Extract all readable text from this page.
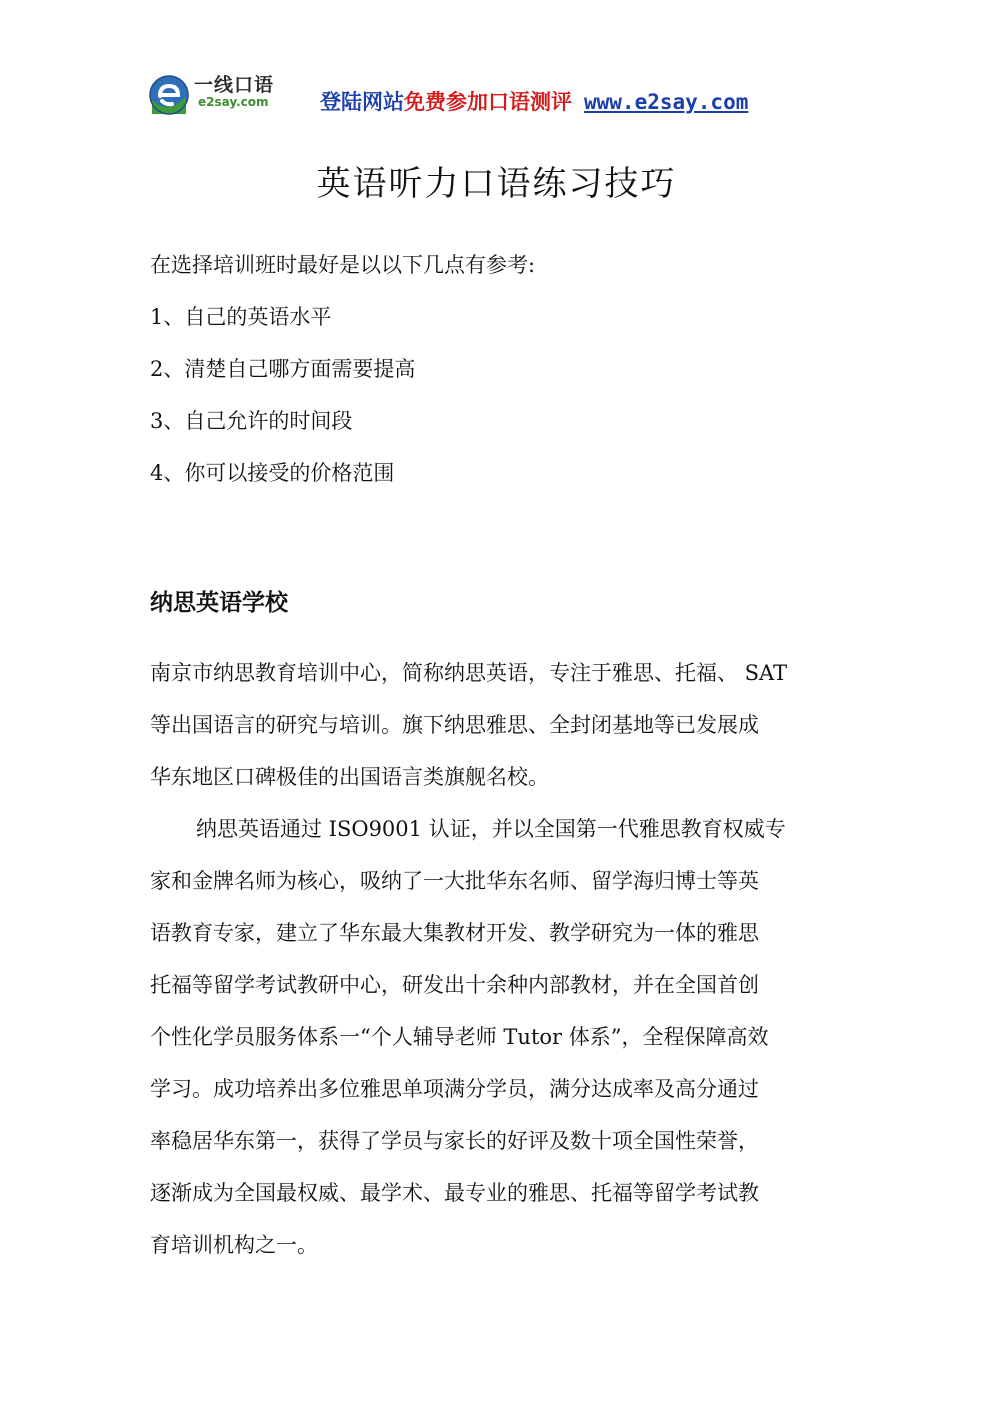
一线口语
e2say.com 登陆网站免费参加口语测评 www.e2say.com
英语听力口语练习技巧
在选择培训班时最好是以以下几点有参考:
1、自己的英语水平
2、清楚自己哪方面需要提高
3、自己允许的时间段
4、你可以接受的价格范围
纳思英语学校
南京市纳思教育培训中心，简称纳思英语，专注于雅思、托福、 SAT
等出国语言的研究与培训。旗下纳思雅思、全封闭基地等已发展成
华东地区口碑极佳的出国语言类旗舰名校。
纳思英语通过 ISO9001 认证，并以全国第一代雅思教育权威专
家和金牌名师为核心，吸纳了一大批华东名师、留学海归博士等英
语教育专家，建立了华东最大集教材开发、教学研究为一体的雅思
托福等留学考试教研中心，研发出十余种内部教材，并在全国首创
个性化学员服务体系一“个人辅导老师 Tutor 体系”，全程保障高效
学习。成功培养出多位雅思单项满分学员，满分达成率及高分通过
率稳居华东第一，获得了学员与家长的好评及数十项全国性荣誉，
逐渐成为全国最权威、最学术、最专业的雅思、托福等留学考试教
育培训机构之一。
